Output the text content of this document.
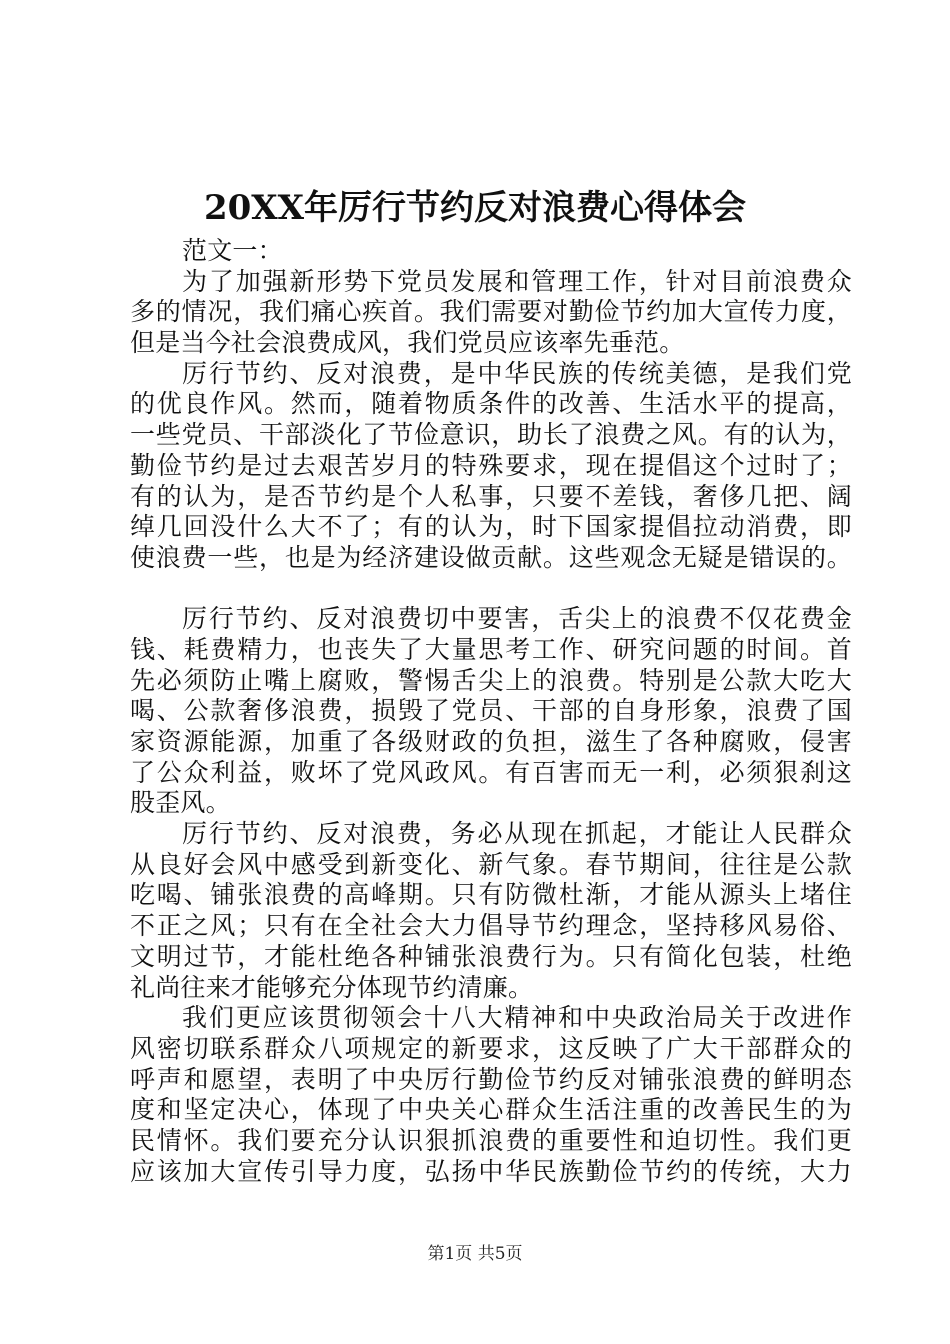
20XX年厉行节约反对浪费心得体会
范文一：
为了加强新形势下党员发展和管理工作，针对目前浪费众
多的情况，我们痛心疾首。我们需要对勤俭节约加大宣传力度，
但是当今社会浪费成风，我们党员应该率先垂范。
厉行节约、反对浪费，是中华民族的传统美德，是我们党
的优良作风。然而，随着物质条件的改善、生活水平的提高，
一些党员、干部淡化了节俭意识，助长了浪费之风。有的认为，
勤俭节约是过去艰苦岁月的特殊要求，现在提倡这个过时了；
有的认为，是否节约是个人私事，只要不差钱，奢侈几把、阔
绰几回没什么大不了；有的认为，时下国家提倡拉动消费，即
使浪费一些，也是为经济建设做贡献。这些观念无疑是错误的。
厉行节约、反对浪费切中要害，舌尖上的浪费不仅花费金
钱、耗费精力，也丧失了大量思考工作、研究问题的时间。首
先必须防止嘴上腐败，警惕舌尖上的浪费。特别是公款大吃大
喝、公款奢侈浪费，损毁了党员、干部的自身形象，浪费了国
家资源能源，加重了各级财政的负担，滋生了各种腐败，侵害
了公众利益，败坏了党风政风。有百害而无一利，必须狠刹这
股歪风。
厉行节约、反对浪费，务必从现在抓起，才能让人民群众
从良好会风中感受到新变化、新气象。春节期间，往往是公款
吃喝、铺张浪费的高峰期。只有防微杜渐，才能从源头上堵住
不正之风；只有在全社会大力倡导节约理念，坚持移风易俗、
文明过节，才能杜绝各种铺张浪费行为。只有简化包装，杜绝
礼尚往来才能够充分体现节约清廉。
我们更应该贯彻领会十八大精神和中央政治局关于改进作
风密切联系群众八项规定的新要求，这反映了广大干部群众的
呼声和愿望，表明了中央厉行勤俭节约反对铺张浪费的鲜明态
度和坚定决心，体现了中央关心群众生活注重的改善民生的为
民情怀。我们要充分认识狠抓浪费的重要性和迫切性。我们更
应该加大宣传引导力度，弘扬中华民族勤俭节约的传统，大力
第1页 共5页
